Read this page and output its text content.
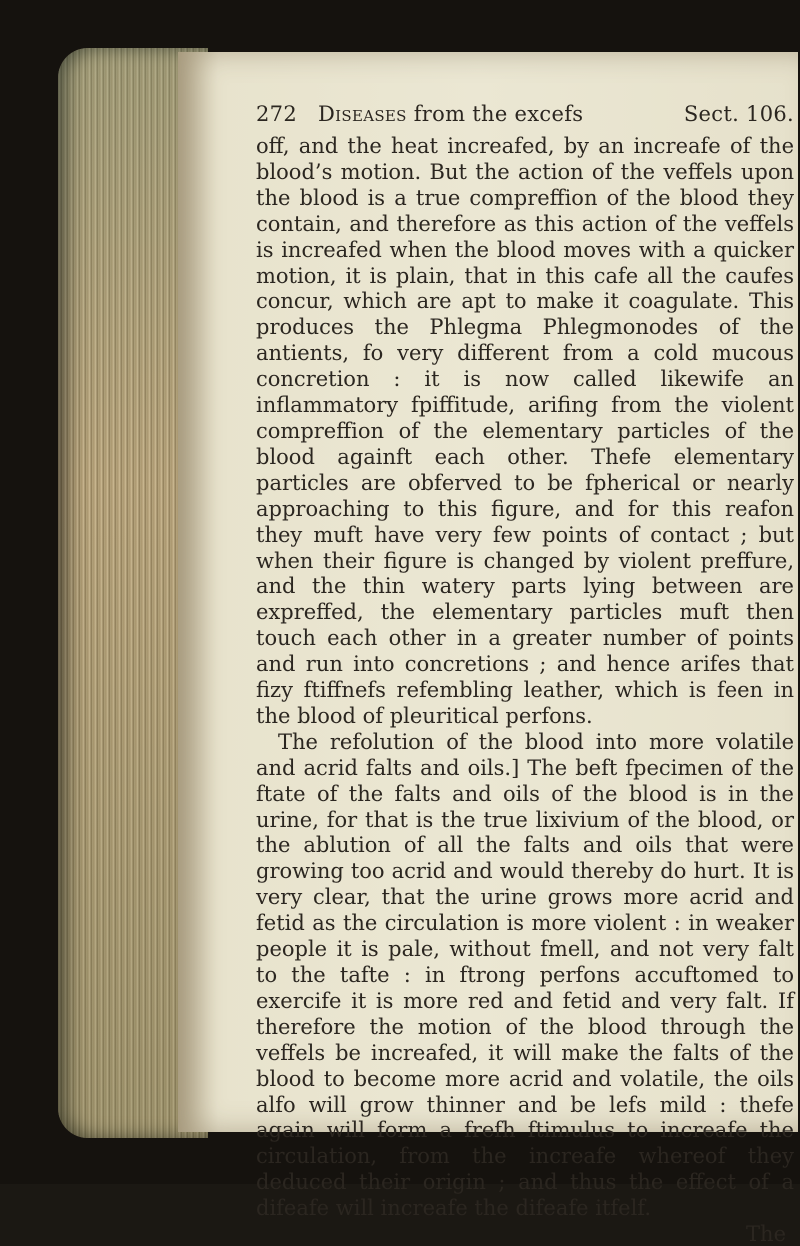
272 Diseases from the excefs	Sect. 106.

off, and the heat increafed, by an increafe of the blood’s motion. But the action of the veffels upon the blood is a true compreffion of the blood they contain, and therefore as this action of the veffels is increafed when the blood moves with a quicker motion, it is plain, that in this cafe all the caufes concur, which are apt to make it coagulate. This produces the Phlegma Phlegmonodes of the antients, fo very different from a cold mucous concretion : it is now called likewife an inflammatory fpiffitude, arifing from the violent compreffion of the elementary particles of the blood againft each other. Thefe elementary particles are obferved to be fpherical or nearly approaching to this figure, and for this reafon they muft have very few points of contact ; but when their figure is changed by violent preffure, and the thin watery parts lying between are expreffed, the elementary particles muft then touch each other in a greater number of points and run into concretions ; and hence arifes that fizy ftiffnefs refembling leather, which is feen in the blood of pleuritical perfons.

The refolution of the blood into more volatile and acrid falts and oils.] The beft fpecimen of the ftate of the falts and oils of the blood is in the urine, for that is the true lixivium of the blood, or the ablution of all the falts and oils that were growing too acrid and would thereby do hurt. It is very clear, that the urine grows more acrid and fetid as the circulation is more violent : in weaker people it is pale, without fmell, and not very falt to the tafte : in ftrong perfons accuftomed to exercife it is more red and fetid and very falt. If therefore the motion of the blood through the veffels be increafed, it will make the falts of the blood to become more acrid and volatile, the oils alfo will grow thinner and be lefs mild : thefe again will form a frefh ftimulus to increafe the circulation, from the increafe whereof they deduced their origin ; and thus the effect of a difeafe will increafe the difeafe itfelf.

The
